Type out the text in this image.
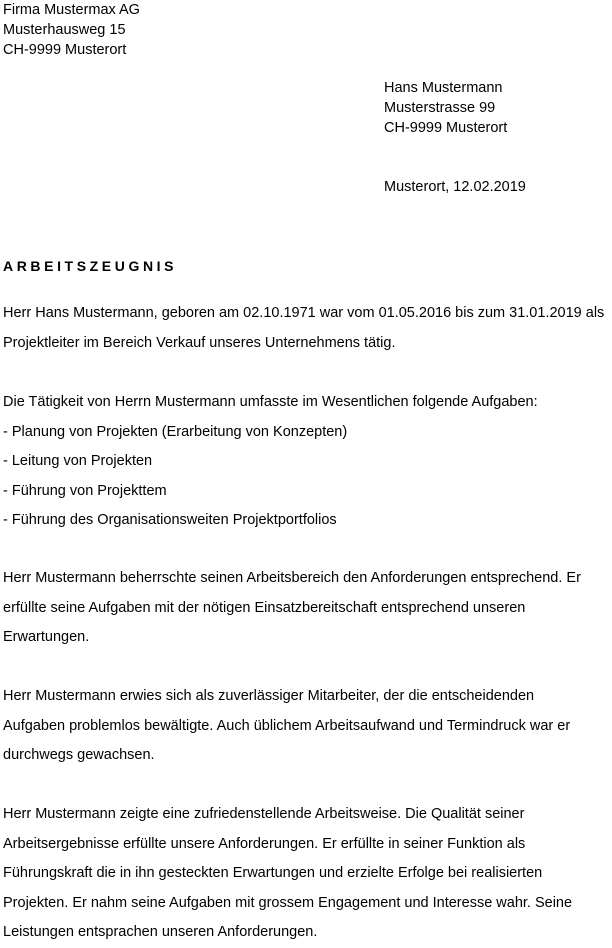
Firma Mustermax AG
Musterhausweg 15
CH-9999 Musterort
Hans Mustermann
Musterstrasse 99
CH-9999 Musterort
Musterort, 12.02.2019
ARBEITSZEUGNIS
Herr Hans Mustermann, geboren am 02.10.1971 war vom 01.05.2016 bis zum 31.01.2019 als
Projektleiter im Bereich Verkauf unseres Unternehmens tätig.
Die Tätigkeit von Herrn Mustermann umfasste im Wesentlichen folgende Aufgaben:
- Planung von Projekten (Erarbeitung von Konzepten)
- Leitung von Projekten
- Führung von Projekttem
- Führung des Organisationsweiten Projektportfolios
Herr Mustermann beherrschte seinen Arbeitsbereich den Anforderungen entsprechend. Er
erfüllte seine Aufgaben mit der nötigen Einsatzbereitschaft entsprechend unseren
Erwartungen.
Herr Mustermann erwies sich als zuverlässiger Mitarbeiter, der die entscheidenden
Aufgaben problemlos bewältigte. Auch üblichem Arbeitsaufwand und Termindruck war er
durchwegs gewachsen.
Herr Mustermann zeigte eine zufriedenstellende Arbeitsweise. Die Qualität seiner
Arbeitsergebnisse erfüllte unsere Anforderungen. Er erfüllte in seiner Funktion als
Führungskraft die in ihn gesteckten Erwartungen und erzielte Erfolge bei realisierten
Projekten. Er nahm seine Aufgaben mit grossem Engagement und Interesse wahr. Seine
Leistungen entsprachen unseren Anforderungen.
